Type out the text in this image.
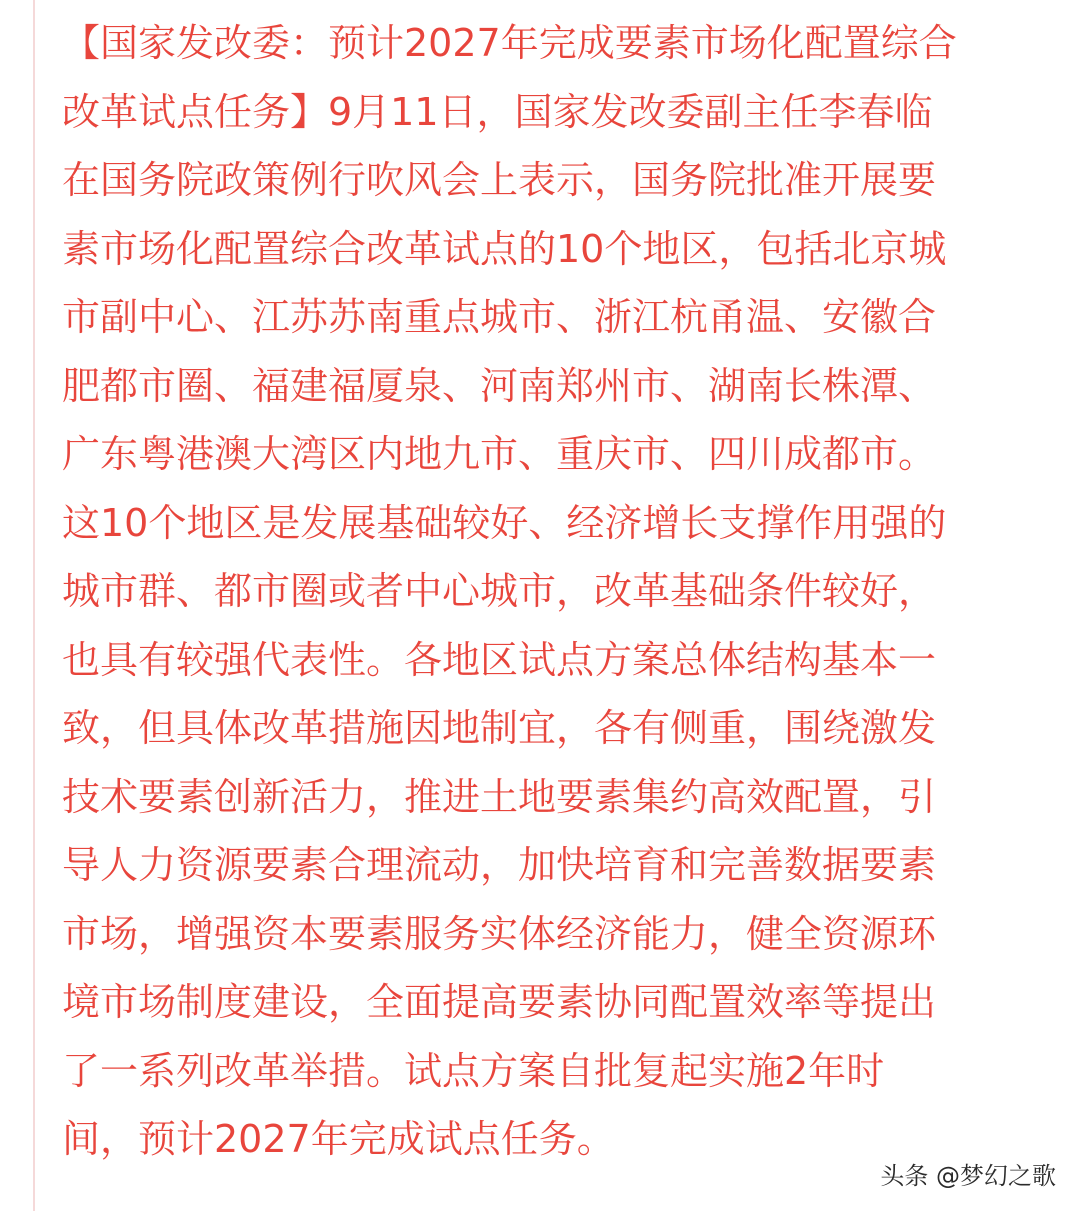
【国家发改委：预计2027年完成要素市场化配置综合
改革试点任务】9月11日，国家发改委副主任李春临
在国务院政策例行吹风会上表示，国务院批准开展要
素市场化配置综合改革试点的10个地区，包括北京城
市副中心、江苏苏南重点城市、浙江杭甬温、安徽合
肥都市圈、福建福厦泉、河南郑州市、湖南长株潭、
广东粤港澳大湾区内地九市、重庆市、四川成都市。
这10个地区是发展基础较好、经济增长支撑作用强的
城市群、都市圈或者中心城市，改革基础条件较好，
也具有较强代表性。各地区试点方案总体结构基本一
致，但具体改革措施因地制宜，各有侧重，围绕激发
技术要素创新活力，推进土地要素集约高效配置，引
导人力资源要素合理流动，加快培育和完善数据要素
市场，增强资本要素服务实体经济能力，健全资源环
境市场制度建设，全面提高要素协同配置效率等提出
了一系列改革举措。试点方案自批复起实施2年时
间，预计2027年完成试点任务。
头条 @梦幻之歌
